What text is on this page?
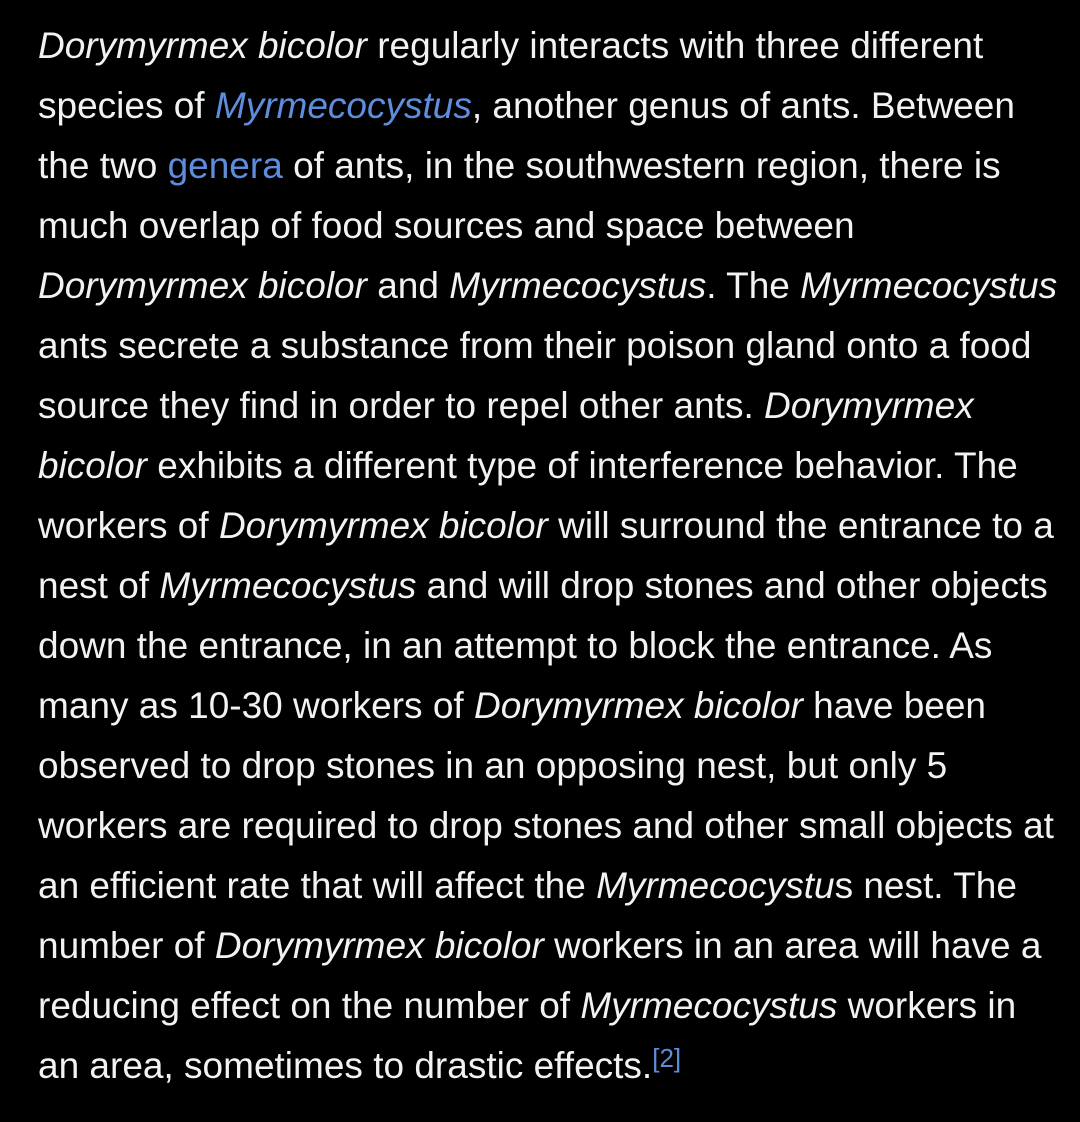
Dorymyrmex bicolor regularly interacts with three different
species of Myrmecocystus, another genus of ants. Between
the two genera of ants, in the southwestern region, there is
much overlap of food sources and space between
Dorymyrmex bicolor and Myrmecocystus. The Myrmecocystus
ants secrete a substance from their poison gland onto a food
source they find in order to repel other ants. Dorymyrmex
bicolor exhibits a different type of interference behavior. The
workers of Dorymyrmex bicolor will surround the entrance to a
nest of Myrmecocystus and will drop stones and other objects
down the entrance, in an attempt to block the entrance. As
many as 10-30 workers of Dorymyrmex bicolor have been
observed to drop stones in an opposing nest, but only 5
workers are required to drop stones and other small objects at
an efficient rate that will affect the Myrmecocystus nest. The
number of Dorymyrmex bicolor workers in an area will have a
reducing effect on the number of Myrmecocystus workers in
an area, sometimes to drastic effects.[2]
